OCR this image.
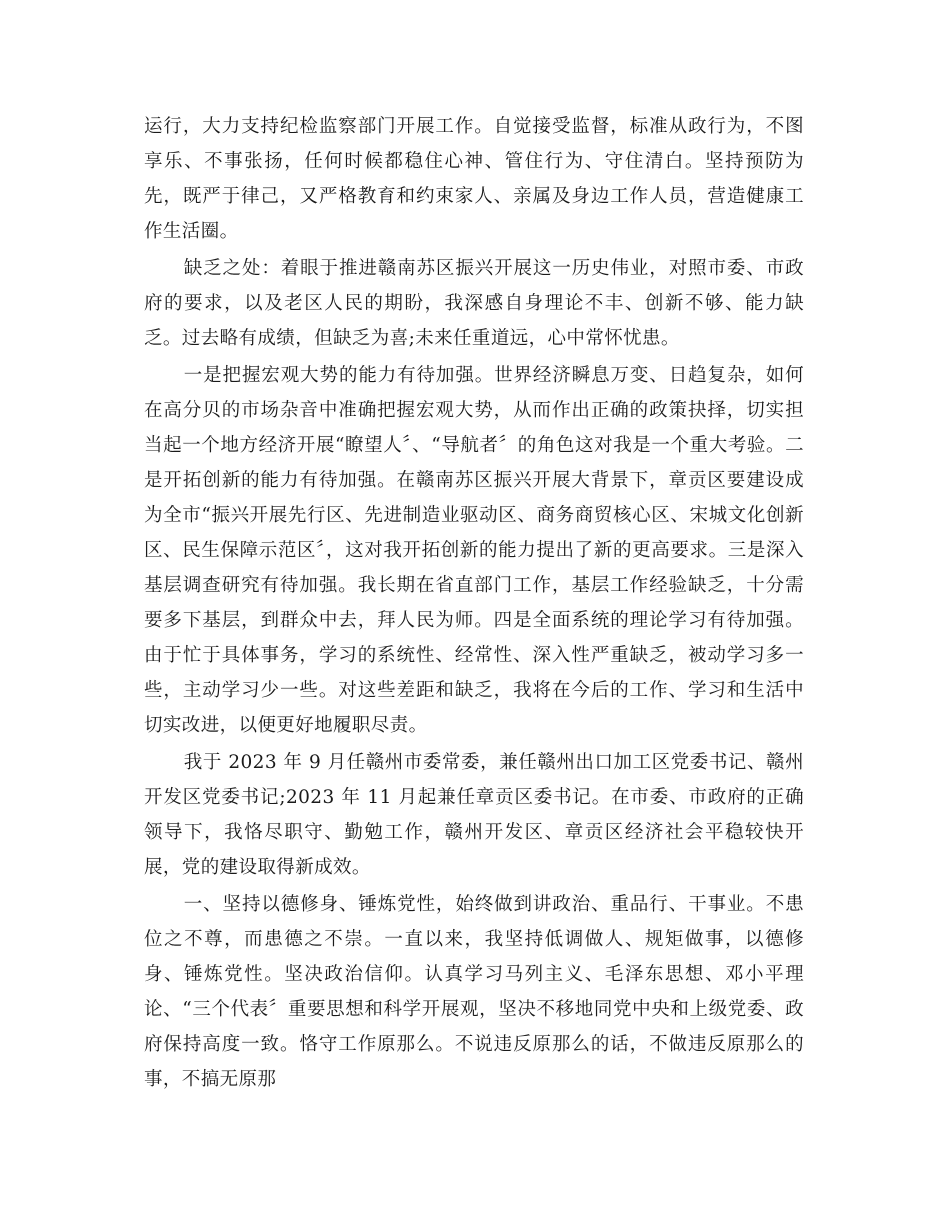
运行，大力支持纪检监察部门开展工作。自觉接受监督，标准从政行为，不图享乐、不事张扬，任何时候都稳住心神、管住行为、守住清白。坚持预防为先，既严于律己，又严格教育和约束家人、亲属及身边工作人员，营造健康工作生活圈。

缺乏之处：着眼于推进赣南苏区振兴开展这一历史伟业，对照市委、市政府的要求，以及老区人民的期盼，我深感自身理论不丰、创新不够、能力缺乏。过去略有成绩，但缺乏为喜;未来任重道远，心中常怀忧患。

一是把握宏观大势的能力有待加强。世界经济瞬息万变、日趋复杂，如何在高分贝的市场杂音中准确把握宏观大势，从而作出正确的政策抉择，切实担当起一个地方经济开展“瞭望人〞、“导航者〞的角色这对我是一个重大考验。二是开拓创新的能力有待加强。在赣南苏区振兴开展大背景下，章贡区要建设成为全市“振兴开展先行区、先进制造业驱动区、商务商贸核心区、宋城文化创新区、民生保障示范区〞，这对我开拓创新的能力提出了新的更高要求。三是深入基层调查研究有待加强。我长期在省直部门工作，基层工作经验缺乏，十分需要多下基层，到群众中去，拜人民为师。四是全面系统的理论学习有待加强。由于忙于具体事务，学习的系统性、经常性、深入性严重缺乏，被动学习多一些，主动学习少一些。对这些差距和缺乏，我将在今后的工作、学习和生活中切实改进，以便更好地履职尽责。

我于 2023 年 9 月任赣州市委常委，兼任赣州出口加工区党委书记、赣州开发区党委书记;2023 年 11 月起兼任章贡区委书记。在市委、市政府的正确领导下，我恪尽职守、勤勉工作，赣州开发区、章贡区经济社会平稳较快开展，党的建设取得新成效。

一、坚持以德修身、锤炼党性，始终做到讲政治、重品行、干事业。不患位之不尊，而患德之不崇。一直以来，我坚持低调做人、规矩做事，以德修身、锤炼党性。坚决政治信仰。认真学习马列主义、毛泽东思想、邓小平理论、“三个代表〞重要思想和科学开展观，坚决不移地同党中央和上级党委、政府保持高度一致。恪守工作原那么。不说违反原那么的话，不做违反原那么的事，不搞无原那
